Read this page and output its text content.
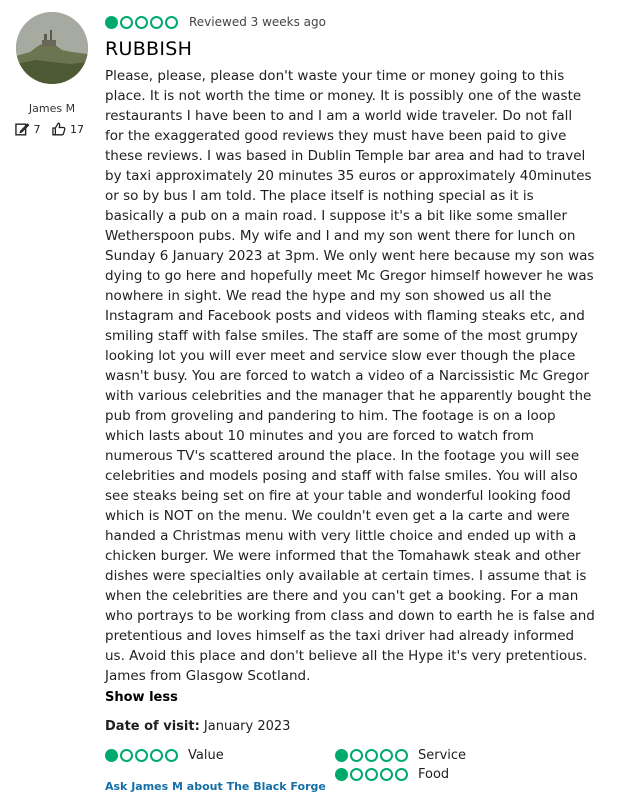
James M
7	17
Reviewed 3 weeks ago
RUBBISH
Please, please, please don't waste your time or money going to this place. It is not worth the time or money. It is possibly one of the waste restaurants I have been to and I am a world wide traveler. Do not fall for the exaggerated good reviews they must have been paid to give these reviews. I was based in Dublin Temple bar area and had to travel by taxi approximately 20 minutes 35 euros or approximately 40minutes or so by bus I am told. The place itself is nothing special as it is basically a pub on a main road. I suppose it's a bit like some smaller Wetherspoon pubs. My wife and I and my son went there for lunch on Sunday 6 January 2023 at 3pm. We only went here because my son was dying to go here and hopefully meet Mc Gregor himself however he was nowhere in sight. We read the hype and my son showed us all the Instagram and Facebook posts and videos with flaming steaks etc, and smiling staff with false smiles. The staff are some of the most grumpy looking lot you will ever meet and service slow ever though the place wasn't busy. You are forced to watch a video of a Narcissistic Mc Gregor with various celebrities and the manager that he apparently bought the pub from groveling and pandering to him. The footage is on a loop which lasts about 10 minutes and you are forced to watch from numerous TV's scattered around the place. In the footage you will see celebrities and models posing and staff with false smiles. You will also see steaks being set on fire at your table and wonderful looking food which is NOT on the menu. We couldn't even get a la carte and were handed a Christmas menu with very little choice and ended up with a chicken burger. We were informed that the Tomahawk steak and other dishes were specialties only available at certain times. I assume that is when the celebrities are there and you can't get a booking. For a man who portrays to be working from class and down to earth he is false and pretentious and loves himself as the taxi driver had already informed us. Avoid this place and don't believe all the Hype it's very pretentious. James from Glasgow Scotland.
Show less
Date of visit: January 2023
Value	Service
Food
Ask James M about The Black Forge
